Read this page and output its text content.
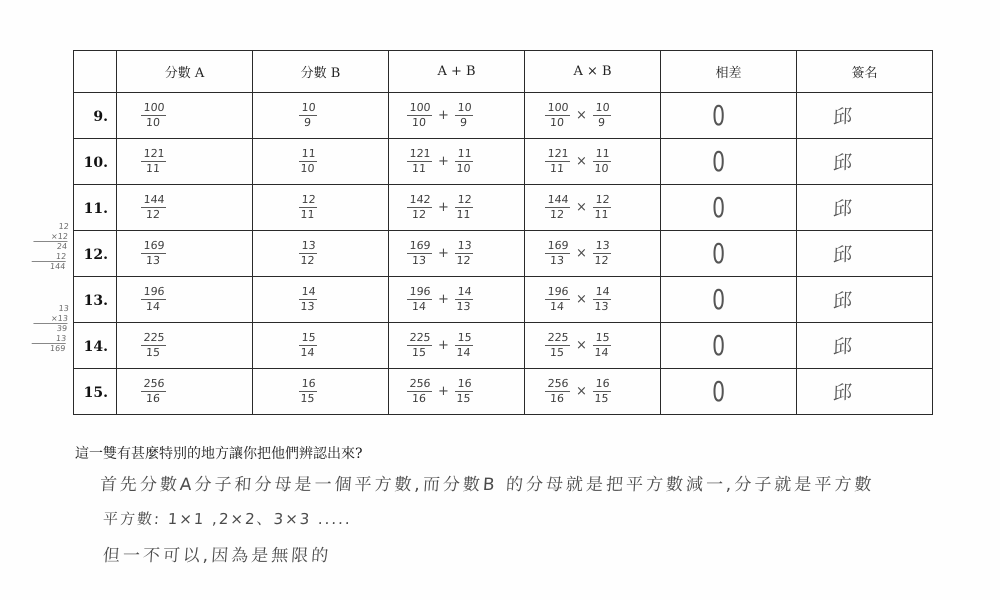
	分數 A	分數 B	A + B	A × B	相差	簽名
9.	$\frac{100}{10}$	$\frac{10}{9}$	$\frac{100}{10} + \frac{10}{9}$	$\frac{100}{10} \times \frac{10}{9}$	0	邱
10.	$\frac{121}{11}$	$\frac{11}{10}$	$\frac{121}{11} + \frac{11}{10}$	$\frac{121}{11} \times \frac{11}{10}$	0	邱
11.	$\frac{144}{12}$	$\frac{12}{11}$	$\frac{142}{12} + \frac{12}{11}$	$\frac{144}{12} \times \frac{12}{11}$	0	邱
12.	$\frac{169}{13}$	$\frac{13}{12}$	$\frac{169}{13} + \frac{13}{12}$	$\frac{169}{13} \times \frac{13}{12}$	0	邱
13.	$\frac{196}{14}$	$\frac{14}{13}$	$\frac{196}{14} + \frac{14}{13}$	$\frac{196}{14} \times \frac{14}{13}$	0	邱
14.	$\frac{225}{15}$	$\frac{15}{14}$	$\frac{225}{15} + \frac{15}{14}$	$\frac{225}{15} \times \frac{15}{14}$	0	邱
15.	$\frac{256}{16}$	$\frac{16}{15}$	$\frac{256}{16} + \frac{16}{15}$	$\frac{256}{16} \times \frac{16}{15}$	0	邱
12
×12
24
12
144
13
×13
39
13
169
這一雙有甚麼特別的地方讓你把他們辨認出來?
首先分數A分子和分母是一個平方數,而分數B 的分母就是把平方數減一,分子就是平方數
平方數: 1×1 ,2×2、3×3 .....
但一不可以,因為是無限的
